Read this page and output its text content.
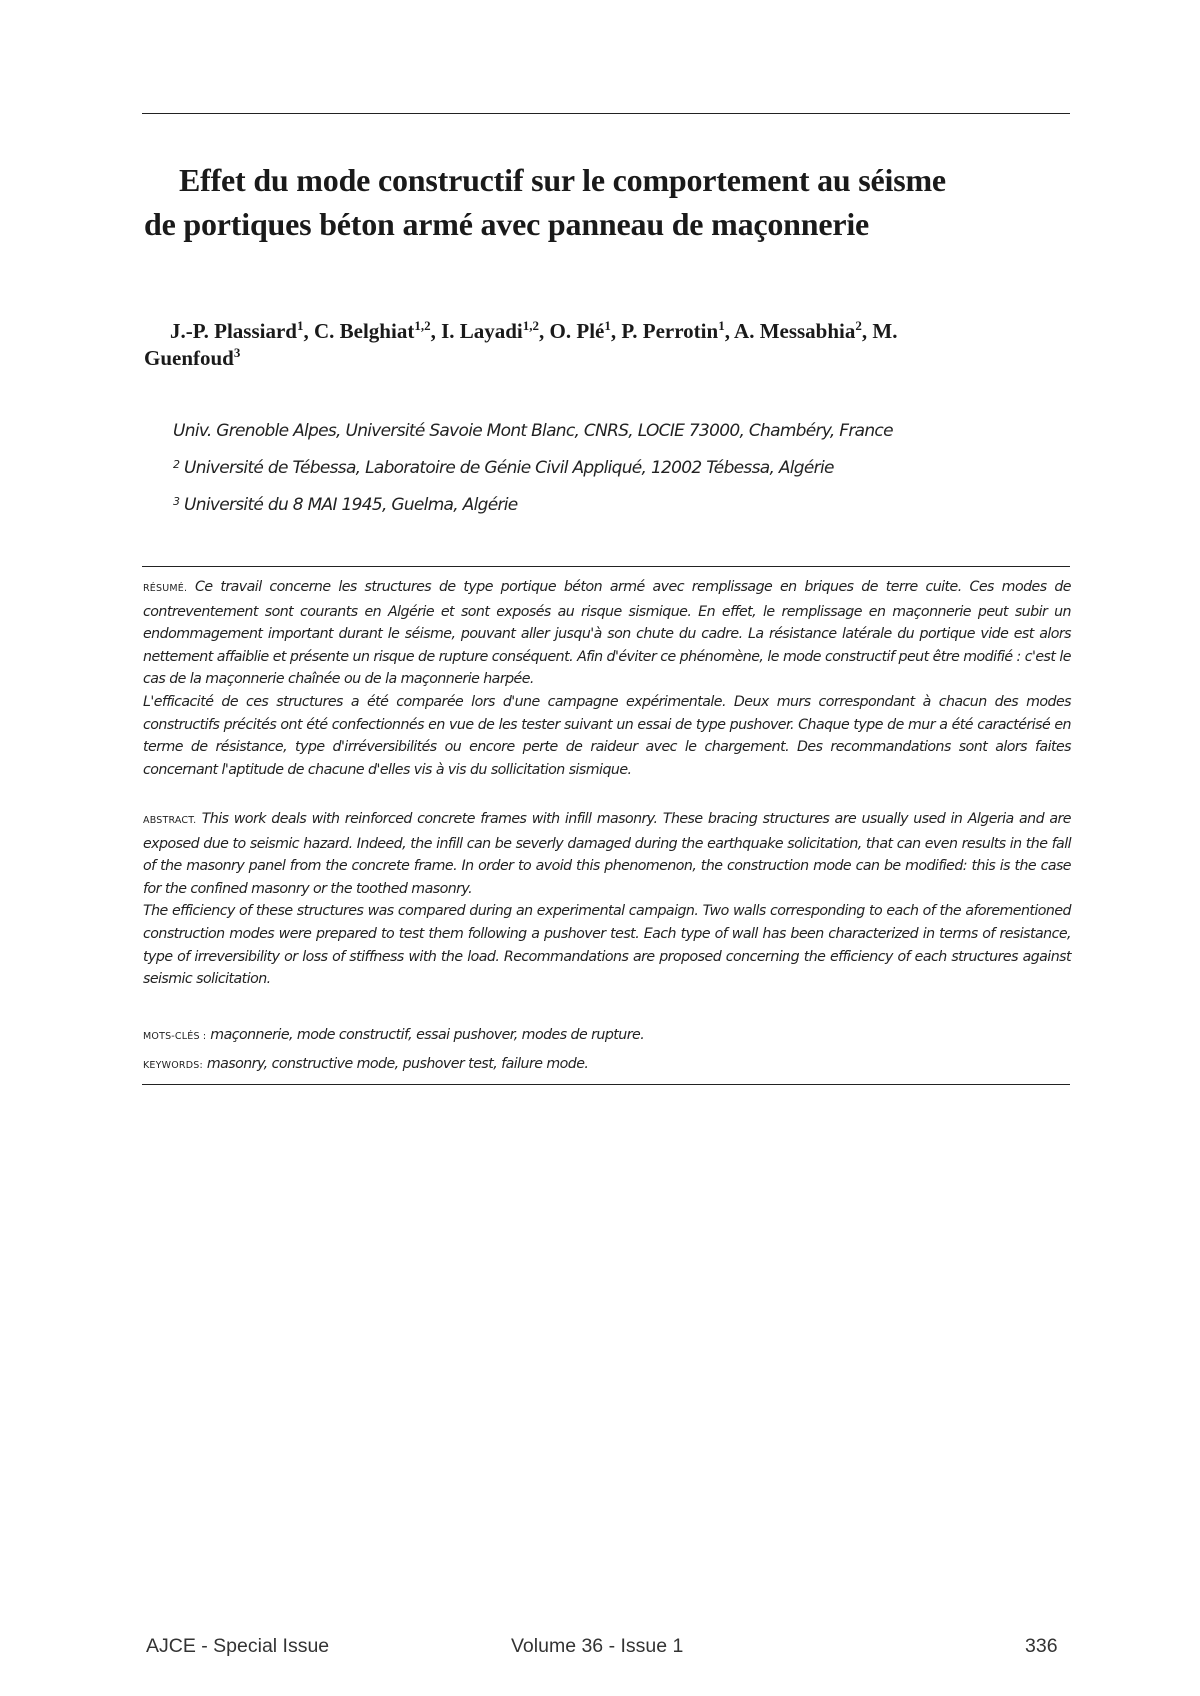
Effet du mode constructif sur le comportement au séisme
de portiques béton armé avec panneau de maçonnerie
J.-P. Plassiard$^1$, C. Belghiat$^{1,2}$, I. Layadi$^{1,2}$, O. Plé$^1$, P. Perrotin$^1$, A. Messabhia$^2$, M.
Guenfoud$^3$
Univ. Grenoble Alpes, Université Savoie Mont Blanc, CNRS, LOCIE 73000, Chambéry, France
$^2$ Université de Tébessa, Laboratoire de Génie Civil Appliqué, 12002 Tébessa, Algérie
$^3$ Université du 8 MAI 1945, Guelma, Algérie

RÉSUMÉ. Ce travail concerne les structures de type portique béton armé avec remplissage en briques de terre cuite. Ces modes de contreventement sont courants en Algérie et sont exposés au risque sismique. En effet, le remplissage en maçonnerie peut subir un endommagement important durant le séisme, pouvant aller jusqu'à son chute du cadre. La résistance latérale du portique vide est alors nettement affaiblie et présente un risque de rupture conséquent. Afin d'éviter ce phénomène, le mode constructif peut être modifié : c'est le cas de la maçonnerie chaînée ou de la maçonnerie harpée.

L'efficacité de ces structures a été comparée lors d'une campagne expérimentale. Deux murs correspondant à chacun des modes constructifs précités ont été confectionnés en vue de les tester suivant un essai de type pushover. Chaque type de mur a été caractérisé en terme de résistance, type d'irréversibilités ou encore perte de raideur avec le chargement. Des recommandations sont alors faites concernant l'aptitude de chacune d'elles vis à vis du sollicitation sismique.

ABSTRACT. This work deals with reinforced concrete frames with infill masonry. These bracing structures are usually used in Algeria and are exposed due to seismic hazard. Indeed, the infill can be severly damaged during the earthquake solicitation, that can even results in the fall of the masonry panel from the concrete frame. In order to avoid this phenomenon, the construction mode can be modified: this is the case for the confined masonry or the toothed masonry.

The efficiency of these structures was compared during an experimental campaign. Two walls corresponding to each of the aforementioned construction modes were prepared to test them following a pushover test. Each type of wall has been characterized in terms of resistance, type of irreversibility or loss of stiffness with the load. Recommandations are proposed concerning the efficiency of each structures against seismic solicitation.

MOTS-CLÉS : maçonnerie, mode constructif, essai pushover, modes de rupture.

KEYWORDS: masonry, constructive mode, pushover test, failure mode.

AJCE - Special Issue	Volume 36 - Issue 1	336
